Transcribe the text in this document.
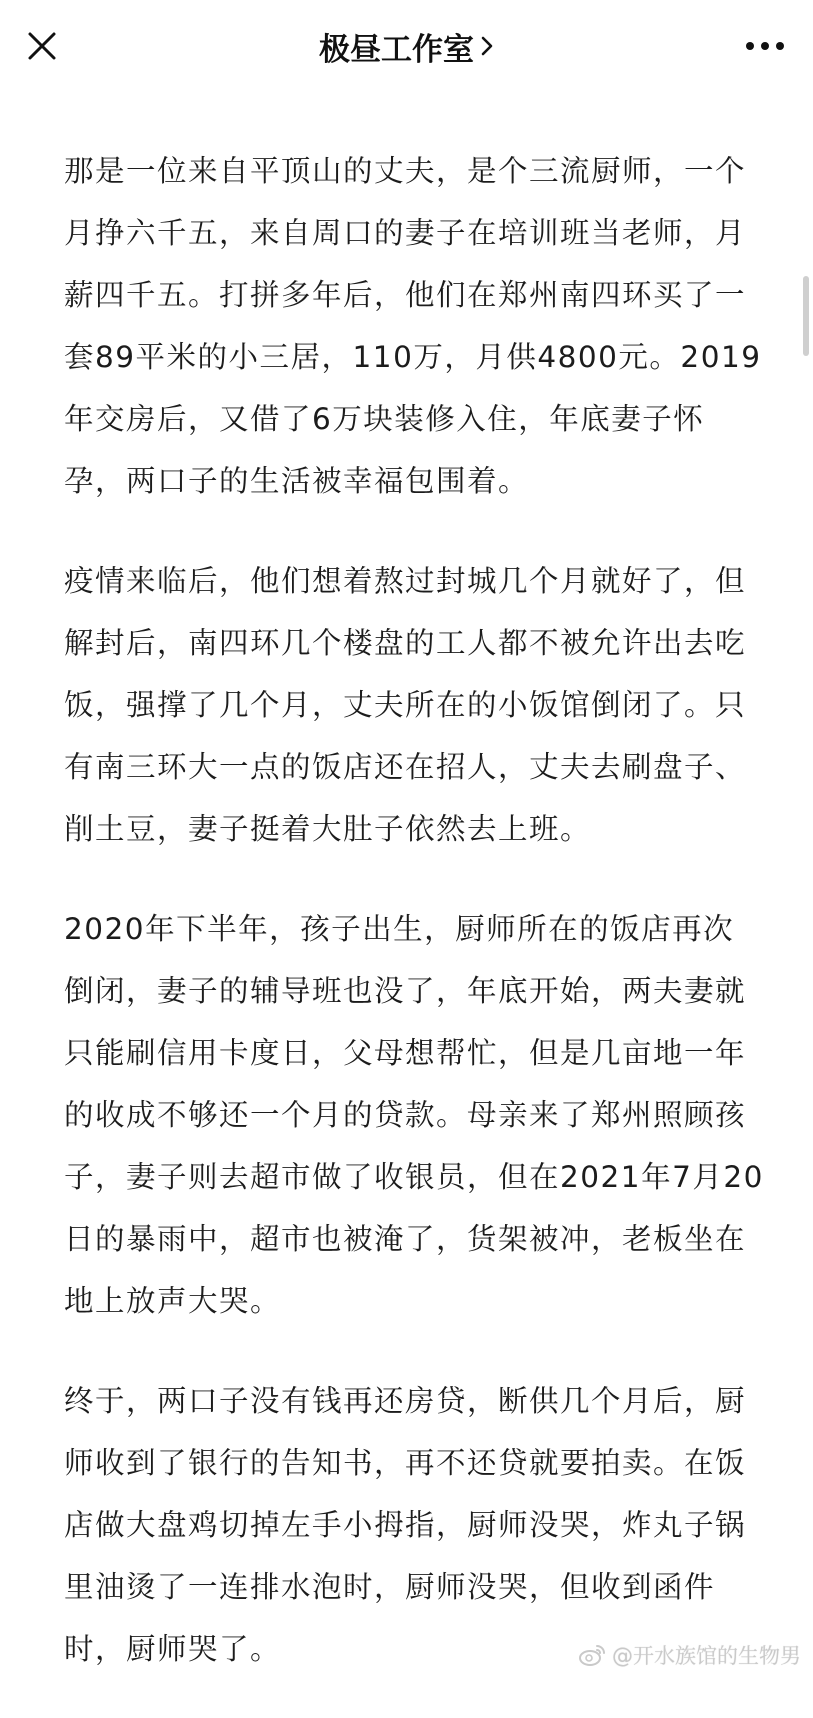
极昼工作室

那是一位来自平顶山的丈夫，是个三流厨师，一个月挣六千五，来自周口的妻子在培训班当老师，月薪四千五。打拼多年后，他们在郑州南四环买了一套89平米的小三居，110万，月供4800元。2019年交房后，又借了6万块装修入住，年底妻子怀孕，两口子的生活被幸福包围着。

疫情来临后，他们想着熬过封城几个月就好了，但解封后，南四环几个楼盘的工人都不被允许出去吃饭，强撑了几个月，丈夫所在的小饭馆倒闭了。只有南三环大一点的饭店还在招人，丈夫去刷盘子、削土豆，妻子挺着大肚子依然去上班。

2020年下半年，孩子出生，厨师所在的饭店再次倒闭，妻子的辅导班也没了，年底开始，两夫妻就只能刷信用卡度日，父母想帮忙，但是几亩地一年的收成不够还一个月的贷款。母亲来了郑州照顾孩子，妻子则去超市做了收银员，但在2021年7月20日的暴雨中，超市也被淹了，货架被冲，老板坐在地上放声大哭。

终于，两口子没有钱再还房贷，断供几个月后，厨师收到了银行的告知书，再不还贷就要拍卖。在饭店做大盘鸡切掉左手小拇指，厨师没哭，炸丸子锅里油烫了一连排水泡时，厨师没哭，但收到函件时，厨师哭了。	@开水族馆的生物男
